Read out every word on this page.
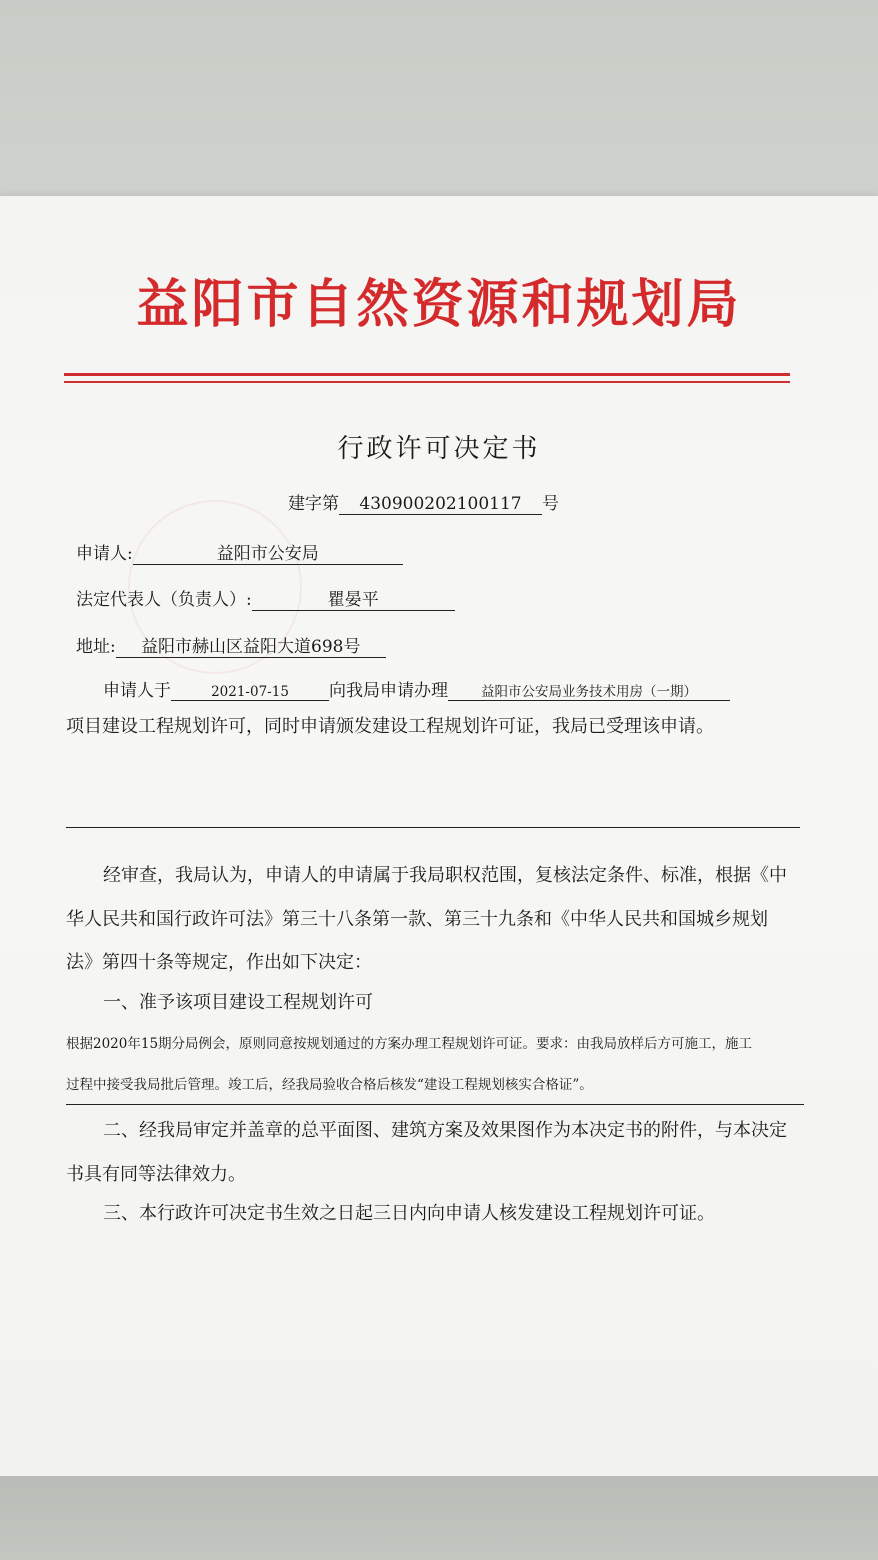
益阳市自然资源和规划局
行政许可决定书
建字第 430900202100117 号
申请人:	益阳市公安局
法定代表人（负责人）:	瞿晏平
地址: 益阳市赫山区益阳大道698号
申请人于	2021-07-15 向我局申请办理 益阳市公安局业务技术用房（一期）
项目建设工程规划许可，同时申请颁发建设工程规划许可证，我局已受理该申请。
经审查，我局认为，申请人的申请属于我局职权范围，复核法定条件、标准，根据《中
华人民共和国行政许可法》第三十八条第一款、第三十九条和《中华人民共和国城乡规划
法》第四十条等规定，作出如下决定：
一、准予该项目建设工程规划许可
根据2020年15期分局例会，原则同意按规划通过的方案办理工程规划许可证。要求：由我局放样后方可施工，施工
过程中接受我局批后管理。竣工后，经我局验收合格后核发“建设工程规划核实合格证”。
二、经我局审定并盖章的总平面图、建筑方案及效果图作为本决定书的附件，与本决定
书具有同等法律效力。
三、本行政许可决定书生效之日起三日内向申请人核发建设工程规划许可证。
